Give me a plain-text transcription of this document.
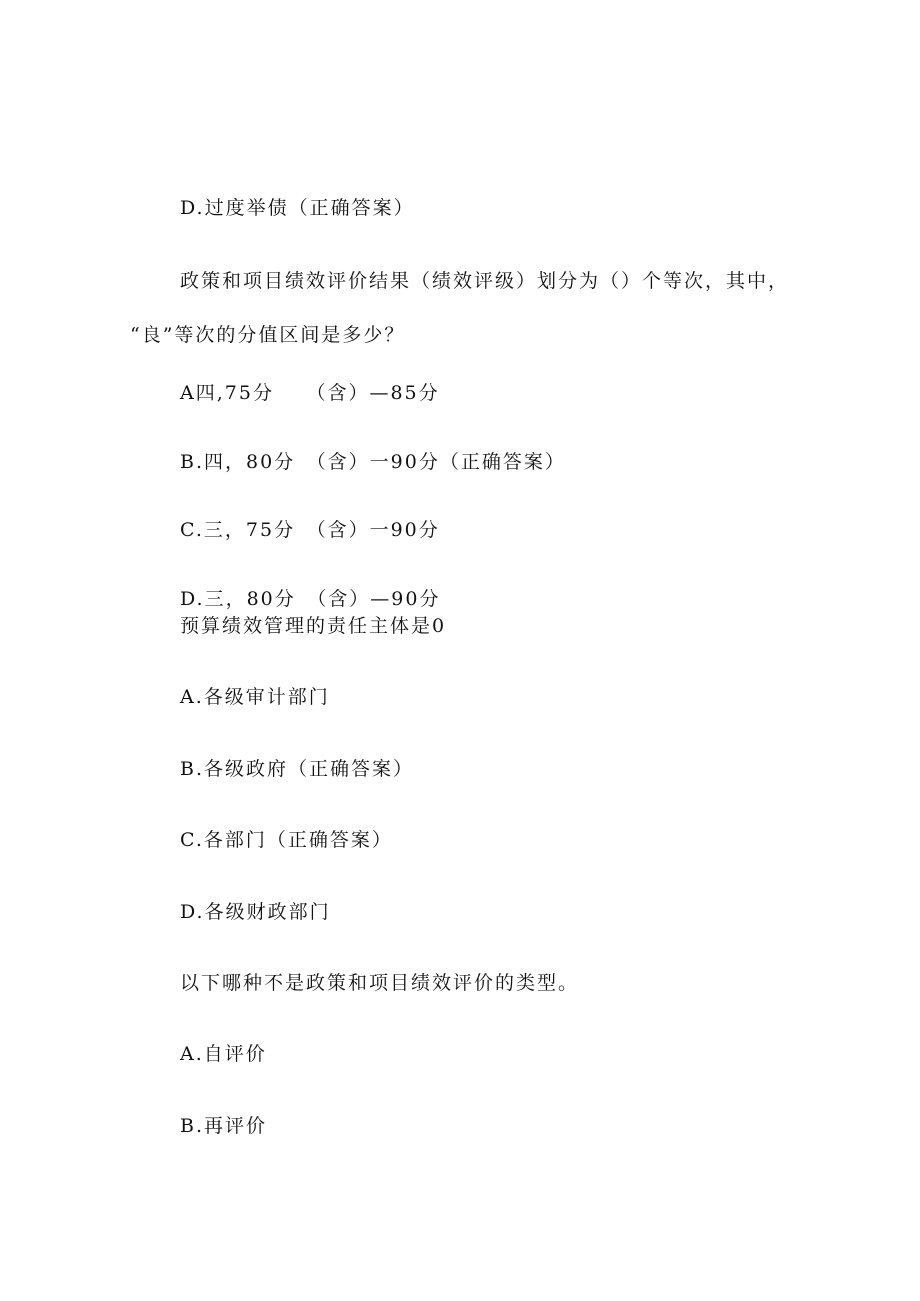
D.过度举债（正确答案）
政策和项目绩效评价结果（绩效评级）划分为（）个等次，其中，
“良”等次的分值区间是多少？
A四,75分　　（含）—85分
B.四，80分　（含）一90分（正确答案）
C.三，75分　（含）一90分
D.三，80分　（含）—90分
预算绩效管理的责任主体是0
A.各级审计部门
B.各级政府（正确答案）
C.各部门（正确答案）
D.各级财政部门
以下哪种不是政策和项目绩效评价的类型。
A.自评价
B.再评价
